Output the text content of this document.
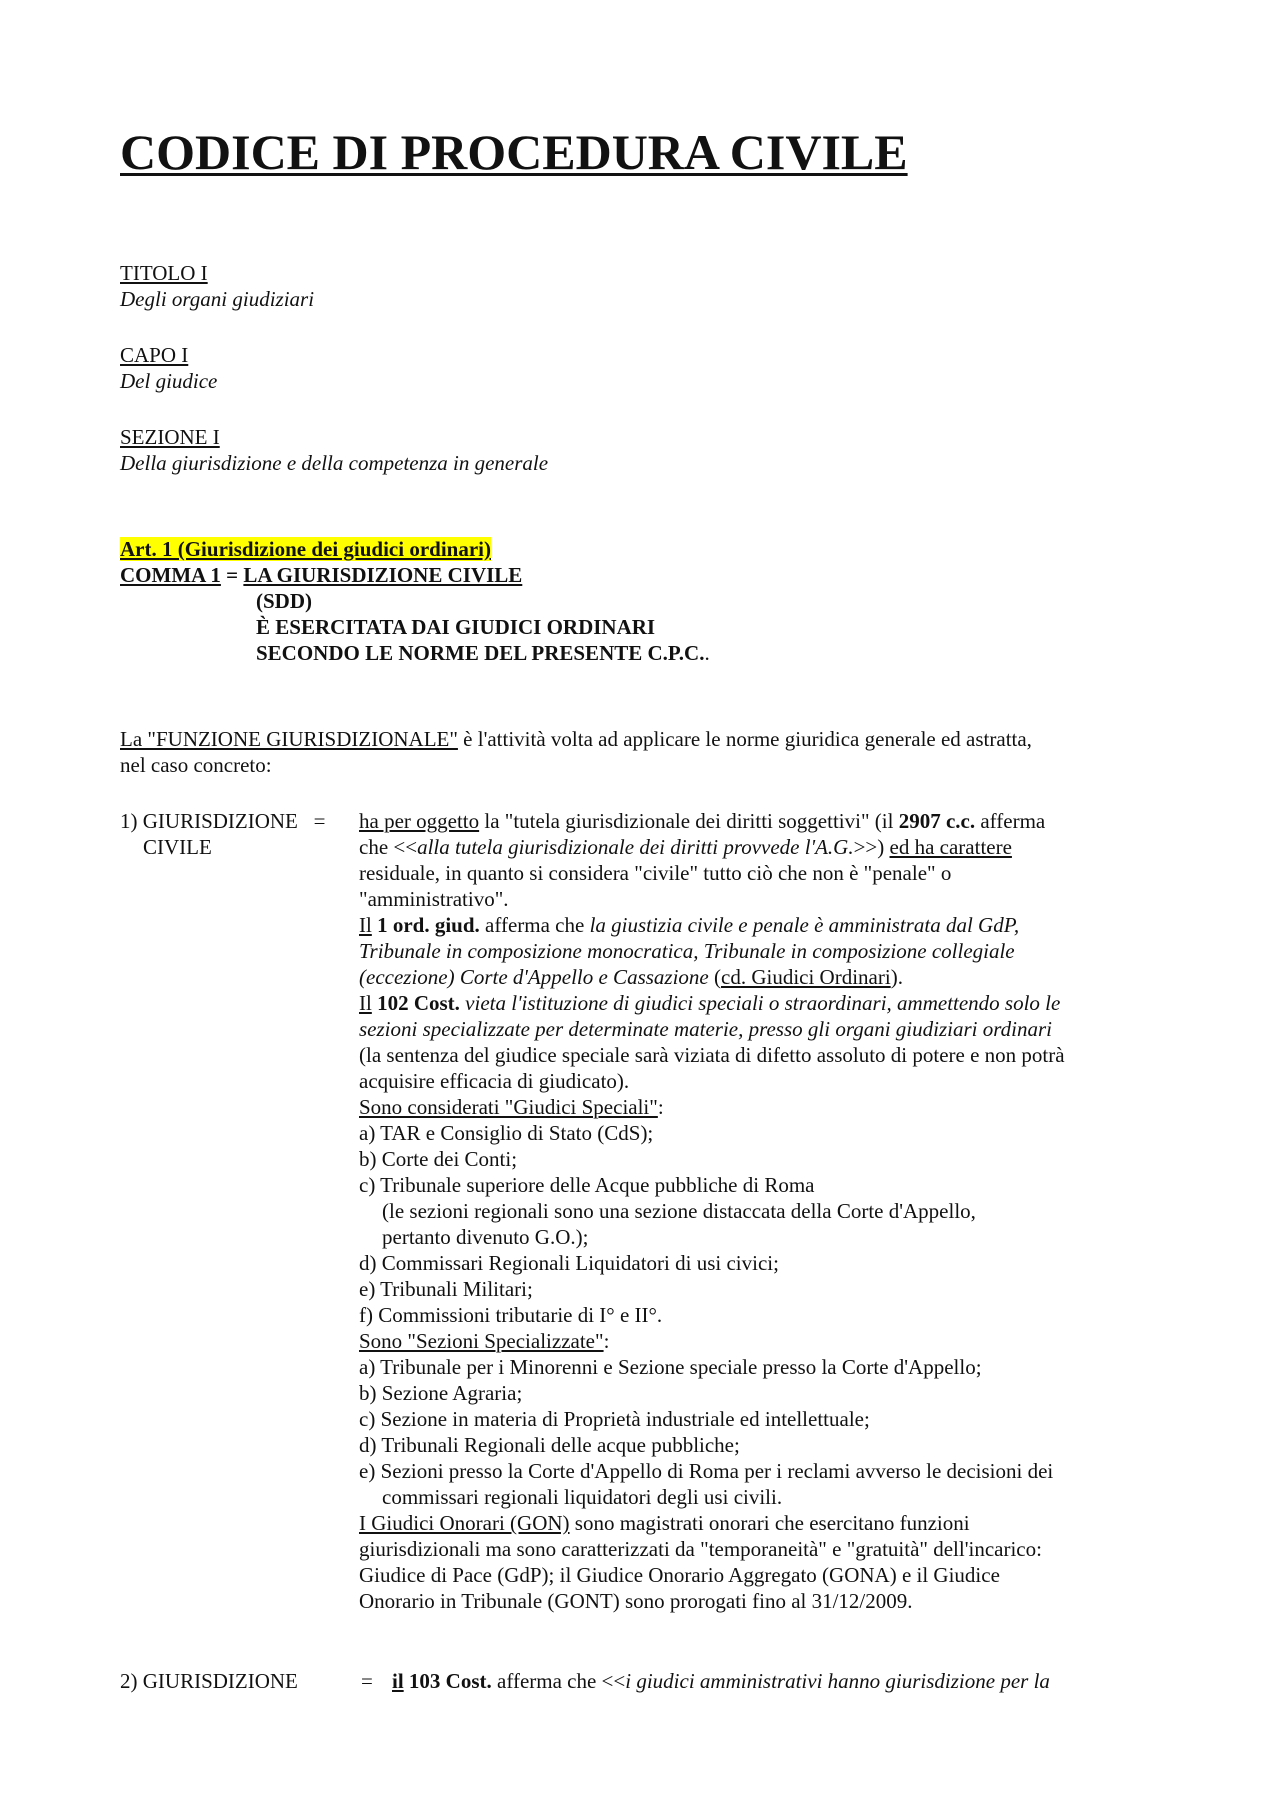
CODICE DI PROCEDURA CIVILE
TITOLO I
Degli organi giudiziari
CAPO I
Del giudice
SEZIONE I
Della giurisdizione e della competenza in generale
Art. 1 (Giurisdizione dei giudici ordinari)
COMMA 1 = LA GIURISDIZIONE CIVILE
(SDD)
È ESERCITATA DAI GIUDICI ORDINARI
SECONDO LE NORME DEL PRESENTE C.P.C..
La "FUNZIONE GIURISDIZIONALE" è l'attività volta ad applicare le norme giuridica generale ed astratta,
nel caso concreto:
1) GIURISDIZIONE   =
CIVILE
ha per oggetto la "tutela giurisdizionale dei diritti soggettivi" (il 2907 c.c. afferma
che <<alla tutela giurisdizionale dei diritti provvede l'A.G.>>) ed ha carattere
residuale, in quanto si considera "civile" tutto ciò che non è "penale" o
"amministrativo".
Il 1 ord. giud. afferma che la giustizia civile e penale è amministrata dal GdP,
Tribunale in composizione monocratica, Tribunale in composizione collegiale
(eccezione) Corte d'Appello e Cassazione (cd. Giudici Ordinari).
Il 102 Cost. vieta l'istituzione di giudici speciali o straordinari, ammettendo solo le
sezioni specializzate per determinate materie, presso gli organi giudiziari ordinari
(la sentenza del giudice speciale sarà viziata di difetto assoluto di potere e non potrà
acquisire efficacia di giudicato).
Sono considerati "Giudici Speciali":
a) TAR e Consiglio di Stato (CdS);
b) Corte dei Conti;
c) Tribunale superiore delle Acque pubbliche di Roma
(le sezioni regionali sono una sezione distaccata della Corte d'Appello,
pertanto divenuto G.O.);
d) Commissari Regionali Liquidatori di usi civici;
e) Tribunali Militari;
f) Commissioni tributarie di I° e II°.
Sono "Sezioni Specializzate":
a) Tribunale per i Minorenni e Sezione speciale presso la Corte d'Appello;
b) Sezione Agraria;
c) Sezione in materia di Proprietà industriale ed intellettuale;
d) Tribunali Regionali delle acque pubbliche;
e) Sezioni presso la Corte d'Appello di Roma per i reclami avverso le decisioni dei
commissari regionali liquidatori degli usi civili.
I Giudici Onorari (GON) sono magistrati onorari che esercitano funzioni
giurisdizionali ma sono caratterizzati da "temporaneità" e "gratuità" dell'incarico:
Giudice di Pace (GdP); il Giudice Onorario Aggregato (GONA) e il Giudice
Onorario in Tribunale (GONT) sono prorogati fino al 31/12/2009.
2) GIURISDIZIONE	= il 103 Cost. afferma che <<i giudici amministrativi hanno giurisdizione per la
